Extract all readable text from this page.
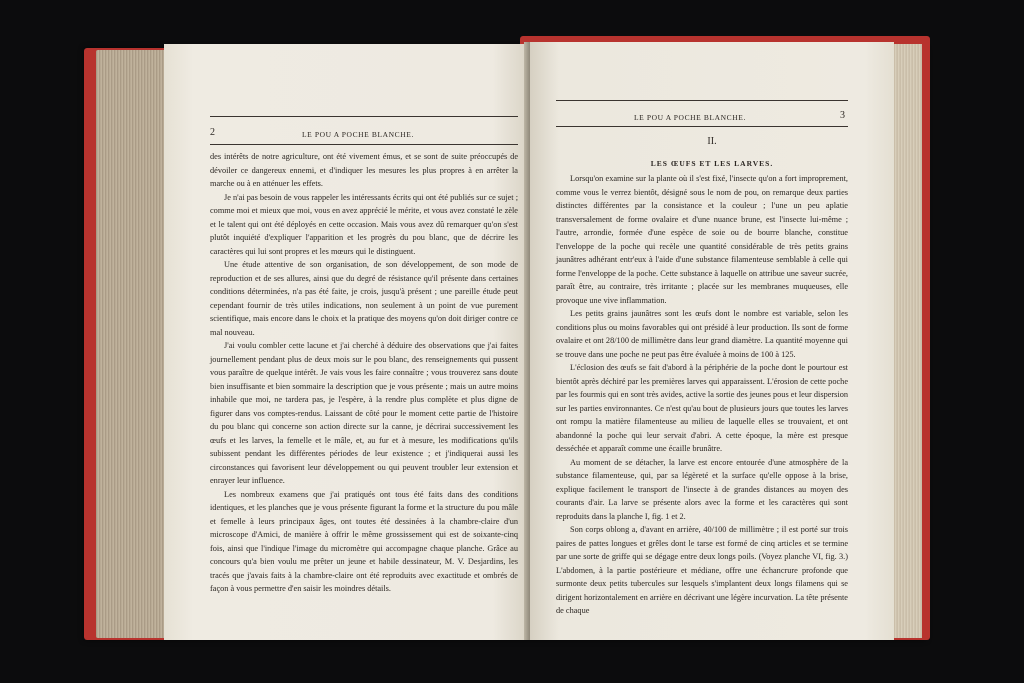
2	LE POU A POCHE BLANCHE.

des intérêts de notre agriculture, ont été vivement émus, et se sont de suite préoccupés de dévoiler ce dangereux ennemi, et d'indiquer les mesures les plus propres à en arrêter la marche ou à en atténuer les effets.

Je n'ai pas besoin de vous rappeler les intéressants écrits qui ont été publiés sur ce sujet ; comme moi et mieux que moi, vous en avez apprécié le mérite, et vous avez constaté le zèle et le talent qui ont été déployés en cette occasion. Mais vous avez dû remarquer qu'on s'est plutôt inquiété d'expliquer l'apparition et les progrès du pou blanc, que de décrire les caractères qui lui sont propres et les mœurs qui le distinguent.

Une étude attentive de son organisation, de son développement, de son mode de reproduction et de ses allures, ainsi que du degré de résistance qu'il présente dans certaines conditions déterminées, n'a pas été faite, je crois, jusqu'à présent ; une pareille étude peut cependant fournir de très utiles indications, non seulement à un point de vue purement scientifique, mais encore dans le choix et la pratique des moyens qu'on doit diriger contre ce mal nouveau.

J'ai voulu combler cette lacune et j'ai cherché à déduire des observations que j'ai faites journellement pendant plus de deux mois sur le pou blanc, des renseignements qui pussent vous paraître de quelque intérêt. Je vais vous les faire connaître ; vous trouverez sans doute bien insuffisante et bien sommaire la description que je vous présente ; mais un autre moins inhabile que moi, ne tardera pas, je l'espère, à la rendre plus complète et plus digne de figurer dans vos comptes-rendus. Laissant de côté pour le moment cette partie de l'histoire du pou blanc qui concerne son action directe sur la canne, je décrirai successivement les œufs et les larves, la femelle et le mâle, et, au fur et à mesure, les modifications qu'ils subissent pendant les différentes périodes de leur existence ; et j'indiquerai aussi les circonstances qui favorisent leur développement ou qui peuvent troubler leur extension et enrayer leur influence.

Les nombreux examens que j'ai pratiqués ont tous été faits dans des conditions identiques, et les planches que je vous présente figurant la forme et la structure du pou mâle et femelle à leurs principaux âges, ont toutes été dessinées à la chambre-claire d'un microscope d'Amici, de manière à offrir le même grossissement qui est de soixante-cinq fois, ainsi que l'indique l'image du micromètre qui accompagne chaque planche. Grâce au concours qu'a bien voulu me prêter un jeune et habile dessinateur, M. V. Desjardins, les tracés que j'avais faits à la chambre-claire ont été reproduits avec exactitude et ombrés de façon à vous permettre d'en saisir les moindres détails.

LE POU A POCHE BLANCHE.	3
II.
LES ŒUFS ET LES LARVES.

Lorsqu'on examine sur la plante où il s'est fixé, l'insecte qu'on a fort improprement, comme vous le verrez bientôt, désigné sous le nom de pou, on remarque deux parties distinctes différentes par la consistance et la couleur ; l'une un peu aplatie transversalement de forme ovalaire et d'une nuance brune, est l'insecte lui-même ; l'autre, arrondie, formée d'une espèce de soie ou de bourre blanche, constitue l'enveloppe de la poche qui recèle une quantité considérable de très petits grains jaunâtres adhérant entr'eux à l'aide d'une substance filamenteuse semblable à celle qui forme l'enveloppe de la poche. Cette substance à laquelle on attribue une saveur sucrée, paraît être, au contraire, très irritante ; placée sur les membranes muqueuses, elle provoque une vive inflammation.

Les petits grains jaunâtres sont les œufs dont le nombre est variable, selon les conditions plus ou moins favorables qui ont présidé à leur production. Ils sont de forme ovalaire et ont 28/100 de millimètre dans leur grand diamètre. La quantité moyenne qui se trouve dans une poche ne peut pas être évaluée à moins de 100 à 125.

L'éclosion des œufs se fait d'abord à la périphérie de la poche dont le pourtour est bientôt après déchiré par les premières larves qui apparaissent. L'érosion de cette poche par les fourmis qui en sont très avides, active la sortie des jeunes pous et leur dispersion sur les parties environnantes. Ce n'est qu'au bout de plusieurs jours que toutes les larves ont rompu la matière filamenteuse au milieu de laquelle elles se trouvaient, et ont abandonné la poche qui leur servait d'abri. A cette époque, la mère est presque desséchée et apparaît comme une écaille brunâtre.

Au moment de se détacher, la larve est encore entourée d'une atmosphère de la substance filamenteuse, qui, par sa légèreté et la surface qu'elle oppose à la brise, explique facilement le transport de l'insecte à de grandes distances au moyen des courants d'air. La larve se présente alors avec la forme et les caractères qui sont reproduits dans la planche I, fig. 1 et 2.

Son corps oblong a, d'avant en arrière, 40/100 de millimètre ; il est porté sur trois paires de pattes longues et grêles dont le tarse est formé de cinq articles et se termine par une sorte de griffe qui se dégage entre deux longs poils. (Voyez planche VI, fig. 3.) L'abdomen, à la partie postérieure et médiane, offre une échancrure profonde que surmonte deux petits tubercules sur lesquels s'implantent deux longs filamens qui se dirigent horizontalement en arrière en décrivant une légère incurvation. La tête présente de chaque
